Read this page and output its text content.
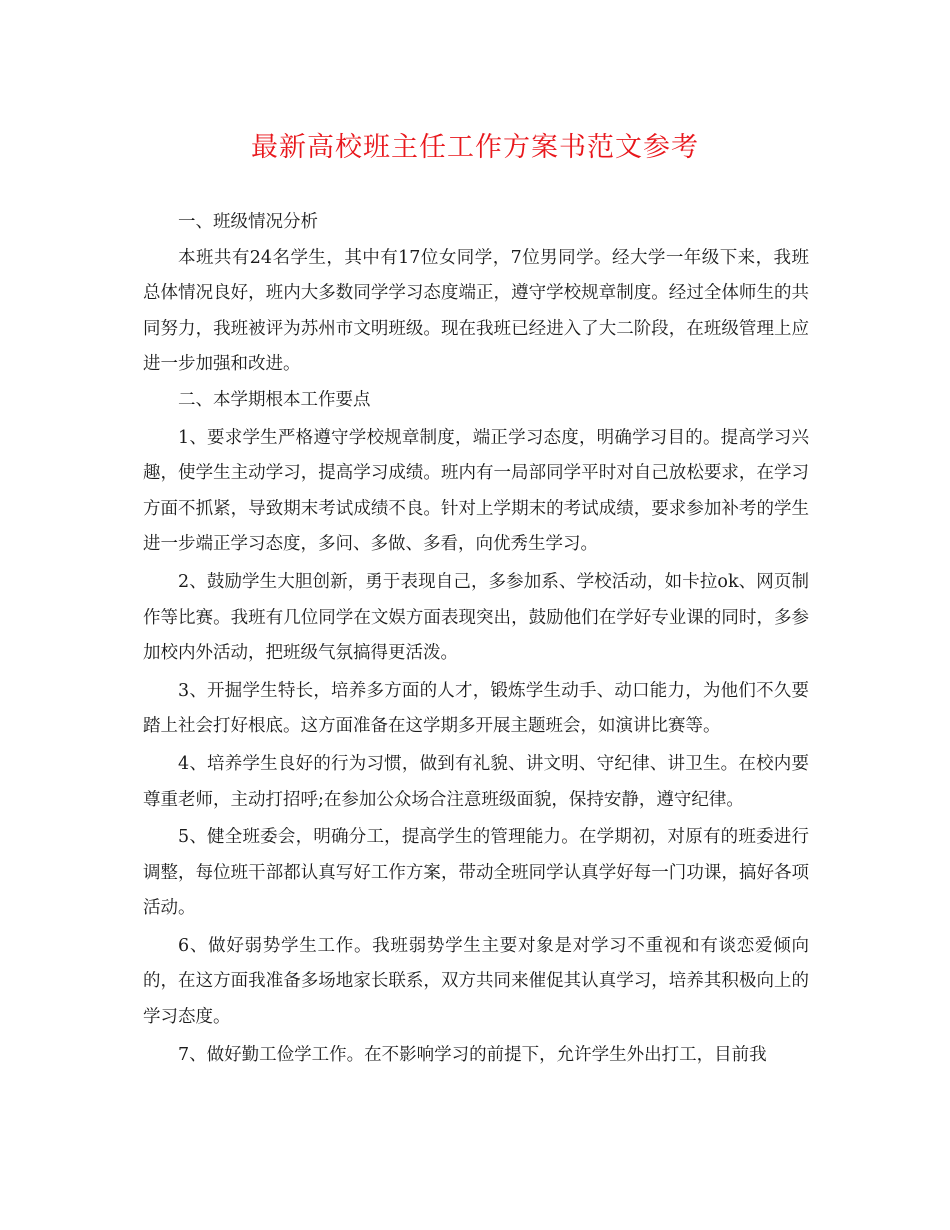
最新高校班主任工作方案书范文参考

一、班级情况分析

本班共有24名学生，其中有17位女同学，7位男同学。经大学一年级下来，我班总体情况良好，班内大多数同学学习态度端正，遵守学校规章制度。经过全体师生的共同努力，我班被评为苏州市文明班级。现在我班已经进入了大二阶段，在班级管理上应进一步加强和改进。

二、本学期根本工作要点

1、要求学生严格遵守学校规章制度，端正学习态度，明确学习目的。提高学习兴趣，使学生主动学习，提高学习成绩。班内有一局部同学平时对自己放松要求，在学习方面不抓紧，导致期末考试成绩不良。针对上学期末的考试成绩，要求参加补考的学生进一步端正学习态度，多问、多做、多看，向优秀生学习。

2、鼓励学生大胆创新，勇于表现自己，多参加系、学校活动，如卡拉ok、网页制作等比赛。我班有几位同学在文娱方面表现突出，鼓励他们在学好专业课的同时，多参加校内外活动，把班级气氛搞得更活泼。

3、开掘学生特长，培养多方面的人才，锻炼学生动手、动口能力，为他们不久要踏上社会打好根底。这方面准备在这学期多开展主题班会，如演讲比赛等。

4、培养学生良好的行为习惯，做到有礼貌、讲文明、守纪律、讲卫生。在校内要尊重老师，主动打招呼;在参加公众场合注意班级面貌，保持安静，遵守纪律。

5、健全班委会，明确分工，提高学生的管理能力。在学期初，对原有的班委进行调整，每位班干部都认真写好工作方案，带动全班同学认真学好每一门功课，搞好各项活动。

6、做好弱势学生工作。我班弱势学生主要对象是对学习不重视和有谈恋爱倾向的，在这方面我准备多场地家长联系，双方共同来催促其认真学习，培养其积极向上的学习态度。

7、做好勤工俭学工作。在不影响学习的前提下，允许学生外出打工，目前我
